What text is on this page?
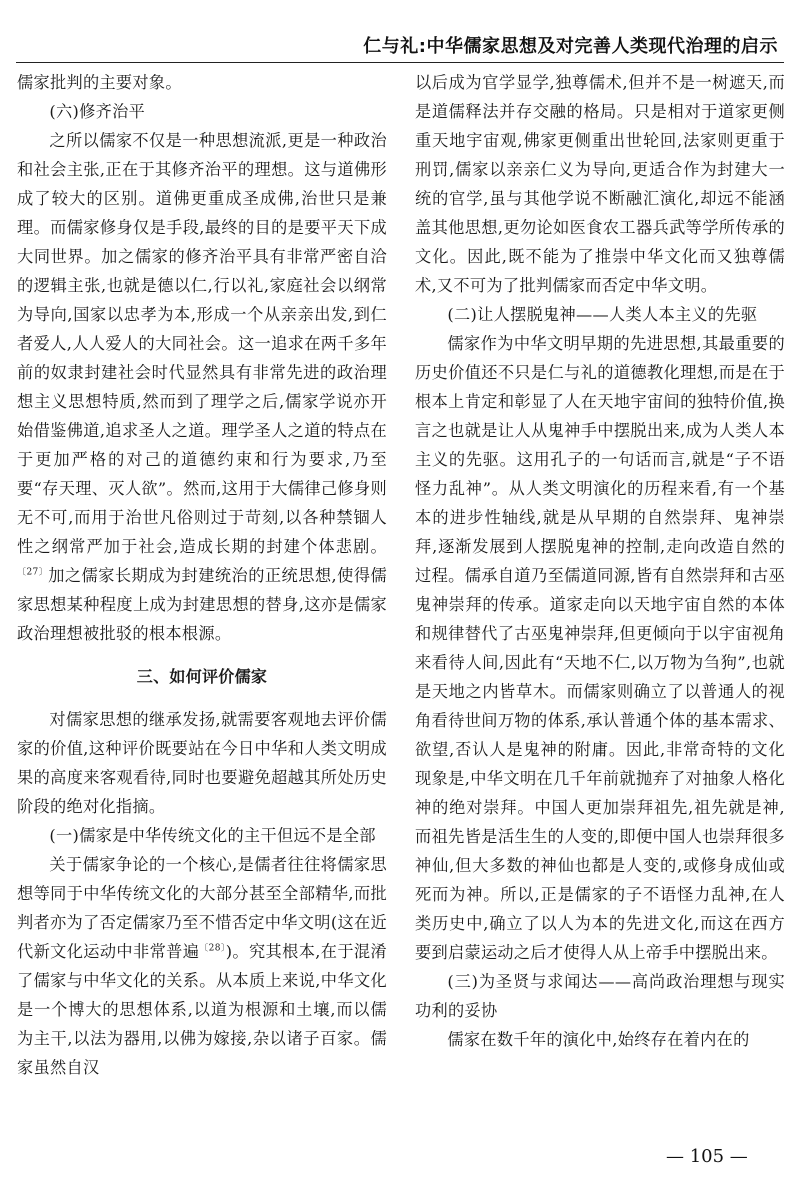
仁与礼:中华儒家思想及对完善人类现代治理的启示

儒家批判的主要对象。

(六)修齐治平

之所以儒家不仅是一种思想流派,更是一种政治和社会主张,正在于其修齐治平的理想。这与道佛形成了较大的区别。道佛更重成圣成佛,治世只是兼理。而儒家修身仅是手段,最终的目的是要平天下成大同世界。加之儒家的修齐治平具有非常严密自洽的逻辑主张,也就是德以仁,行以礼,家庭社会以纲常为导向,国家以忠孝为本,形成一个从亲亲出发,到仁者爱人,人人爱人的大同社会。这一追求在两千多年前的奴隶封建社会时代显然具有非常先进的政治理想主义思想特质,然而到了理学之后,儒家学说亦开始借鉴佛道,追求圣人之道。理学圣人之道的特点在于更加严格的对己的道德约束和行为要求,乃至要“存天理、灭人欲”。然而,这用于大儒律己修身则无不可,而用于治世凡俗则过于苛刻,以各种禁锢人性之纲常严加于社会,造成长期的封建个体悲剧。$^{〔27〕}$加之儒家长期成为封建统治的正统思想,使得儒家思想某种程度上成为封建思想的替身,这亦是儒家政治理想被批驳的根本根源。

三、如何评价儒家

对儒家思想的继承发扬,就需要客观地去评价儒家的价值,这种评价既要站在今日中华和人类文明成果的高度来客观看待,同时也要避免超越其所处历史阶段的绝对化指摘。

(一)儒家是中华传统文化的主干但远不是全部

关于儒家争论的一个核心,是儒者往往将儒家思想等同于中华传统文化的大部分甚至全部精华,而批判者亦为了否定儒家乃至不惜否定中华文明(这在近代新文化运动中非常普遍$^{〔28〕}$)。究其根本,在于混淆了儒家与中华文化的关系。从本质上来说,中华文化是一个博大的思想体系,以道为根源和土壤,而以儒为主干,以法为器用,以佛为嫁接,杂以诸子百家。儒家虽然自汉

以后成为官学显学,独尊儒术,但并不是一树遮天,而是道儒释法并存交融的格局。只是相对于道家更侧重天地宇宙观,佛家更侧重出世轮回,法家则更重于刑罚,儒家以亲亲仁义为导向,更适合作为封建大一统的官学,虽与其他学说不断融汇演化,却远不能涵盖其他思想,更勿论如医食农工器兵武等学所传承的文化。因此,既不能为了推崇中华文化而又独尊儒术,又不可为了批判儒家而否定中华文明。

(二)让人摆脱鬼神——人类人本主义的先驱

儒家作为中华文明早期的先进思想,其最重要的历史价值还不只是仁与礼的道德教化理想,而是在于根本上肯定和彰显了人在天地宇宙间的独特价值,换言之也就是让人从鬼神手中摆脱出来,成为人类人本主义的先驱。这用孔子的一句话而言,就是“子不语怪力乱神”。从人类文明演化的历程来看,有一个基本的进步性轴线,就是从早期的自然崇拜、鬼神崇拜,逐渐发展到人摆脱鬼神的控制,走向改造自然的过程。儒承自道乃至儒道同源,皆有自然崇拜和古巫鬼神崇拜的传承。道家走向以天地宇宙自然的本体和规律替代了古巫鬼神崇拜,但更倾向于以宇宙视角来看待人间,因此有“天地不仁,以万物为刍狗”,也就是天地之内皆草木。而儒家则确立了以普通人的视角看待世间万物的体系,承认普通个体的基本需求、欲望,否认人是鬼神的附庸。因此,非常奇特的文化现象是,中华文明在几千年前就抛弃了对抽象人格化神的绝对崇拜。中国人更加崇拜祖先,祖先就是神,而祖先皆是活生生的人变的,即便中国人也崇拜很多神仙,但大多数的神仙也都是人变的,或修身成仙或死而为神。所以,正是儒家的子不语怪力乱神,在人类历史中,确立了以人为本的先进文化,而这在西方要到启蒙运动之后才使得人从上帝手中摆脱出来。

(三)为圣贤与求闻达——高尚政治理想与现实功利的妥协

儒家在数千年的演化中,始终存在着内在的

— 105 —
